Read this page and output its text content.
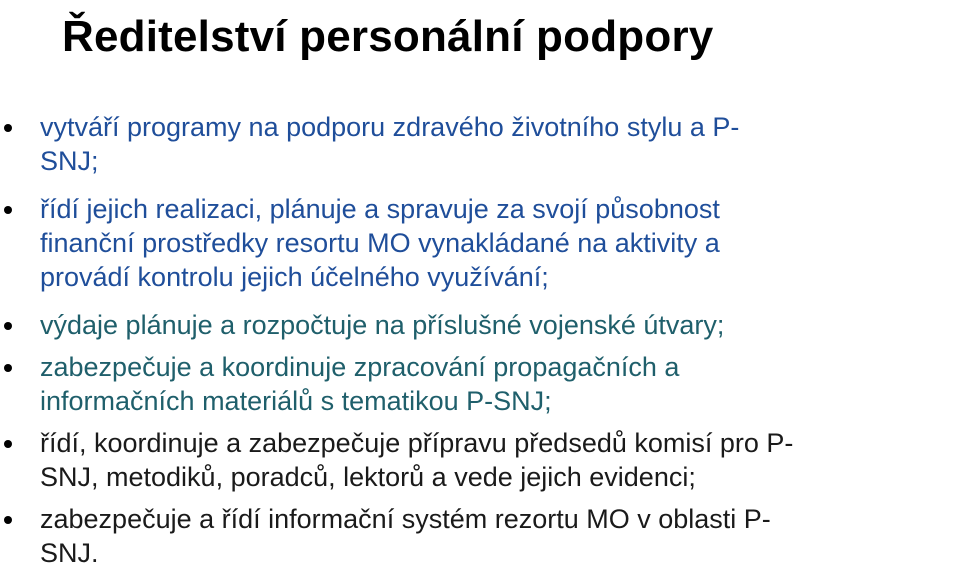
Ředitelství personální podpory
vytváří programy na podporu zdravého životního stylu a P-
SNJ;
řídí jejich realizaci, plánuje a spravuje za svojí působnost
finanční prostředky resortu MO vynakládané na aktivity a
provádí kontrolu jejich účelného využívání;
výdaje plánuje a rozpočtuje na příslušné vojenské útvary;
zabezpečuje a koordinuje zpracování propagačních a
informačních materiálů s tematikou P-SNJ;
řídí, koordinuje a zabezpečuje přípravu předsedů komisí pro P-
SNJ, metodiků, poradců, lektorů a vede jejich evidenci;
zabezpečuje a řídí informační systém rezortu MO v oblasti P-
SNJ.
